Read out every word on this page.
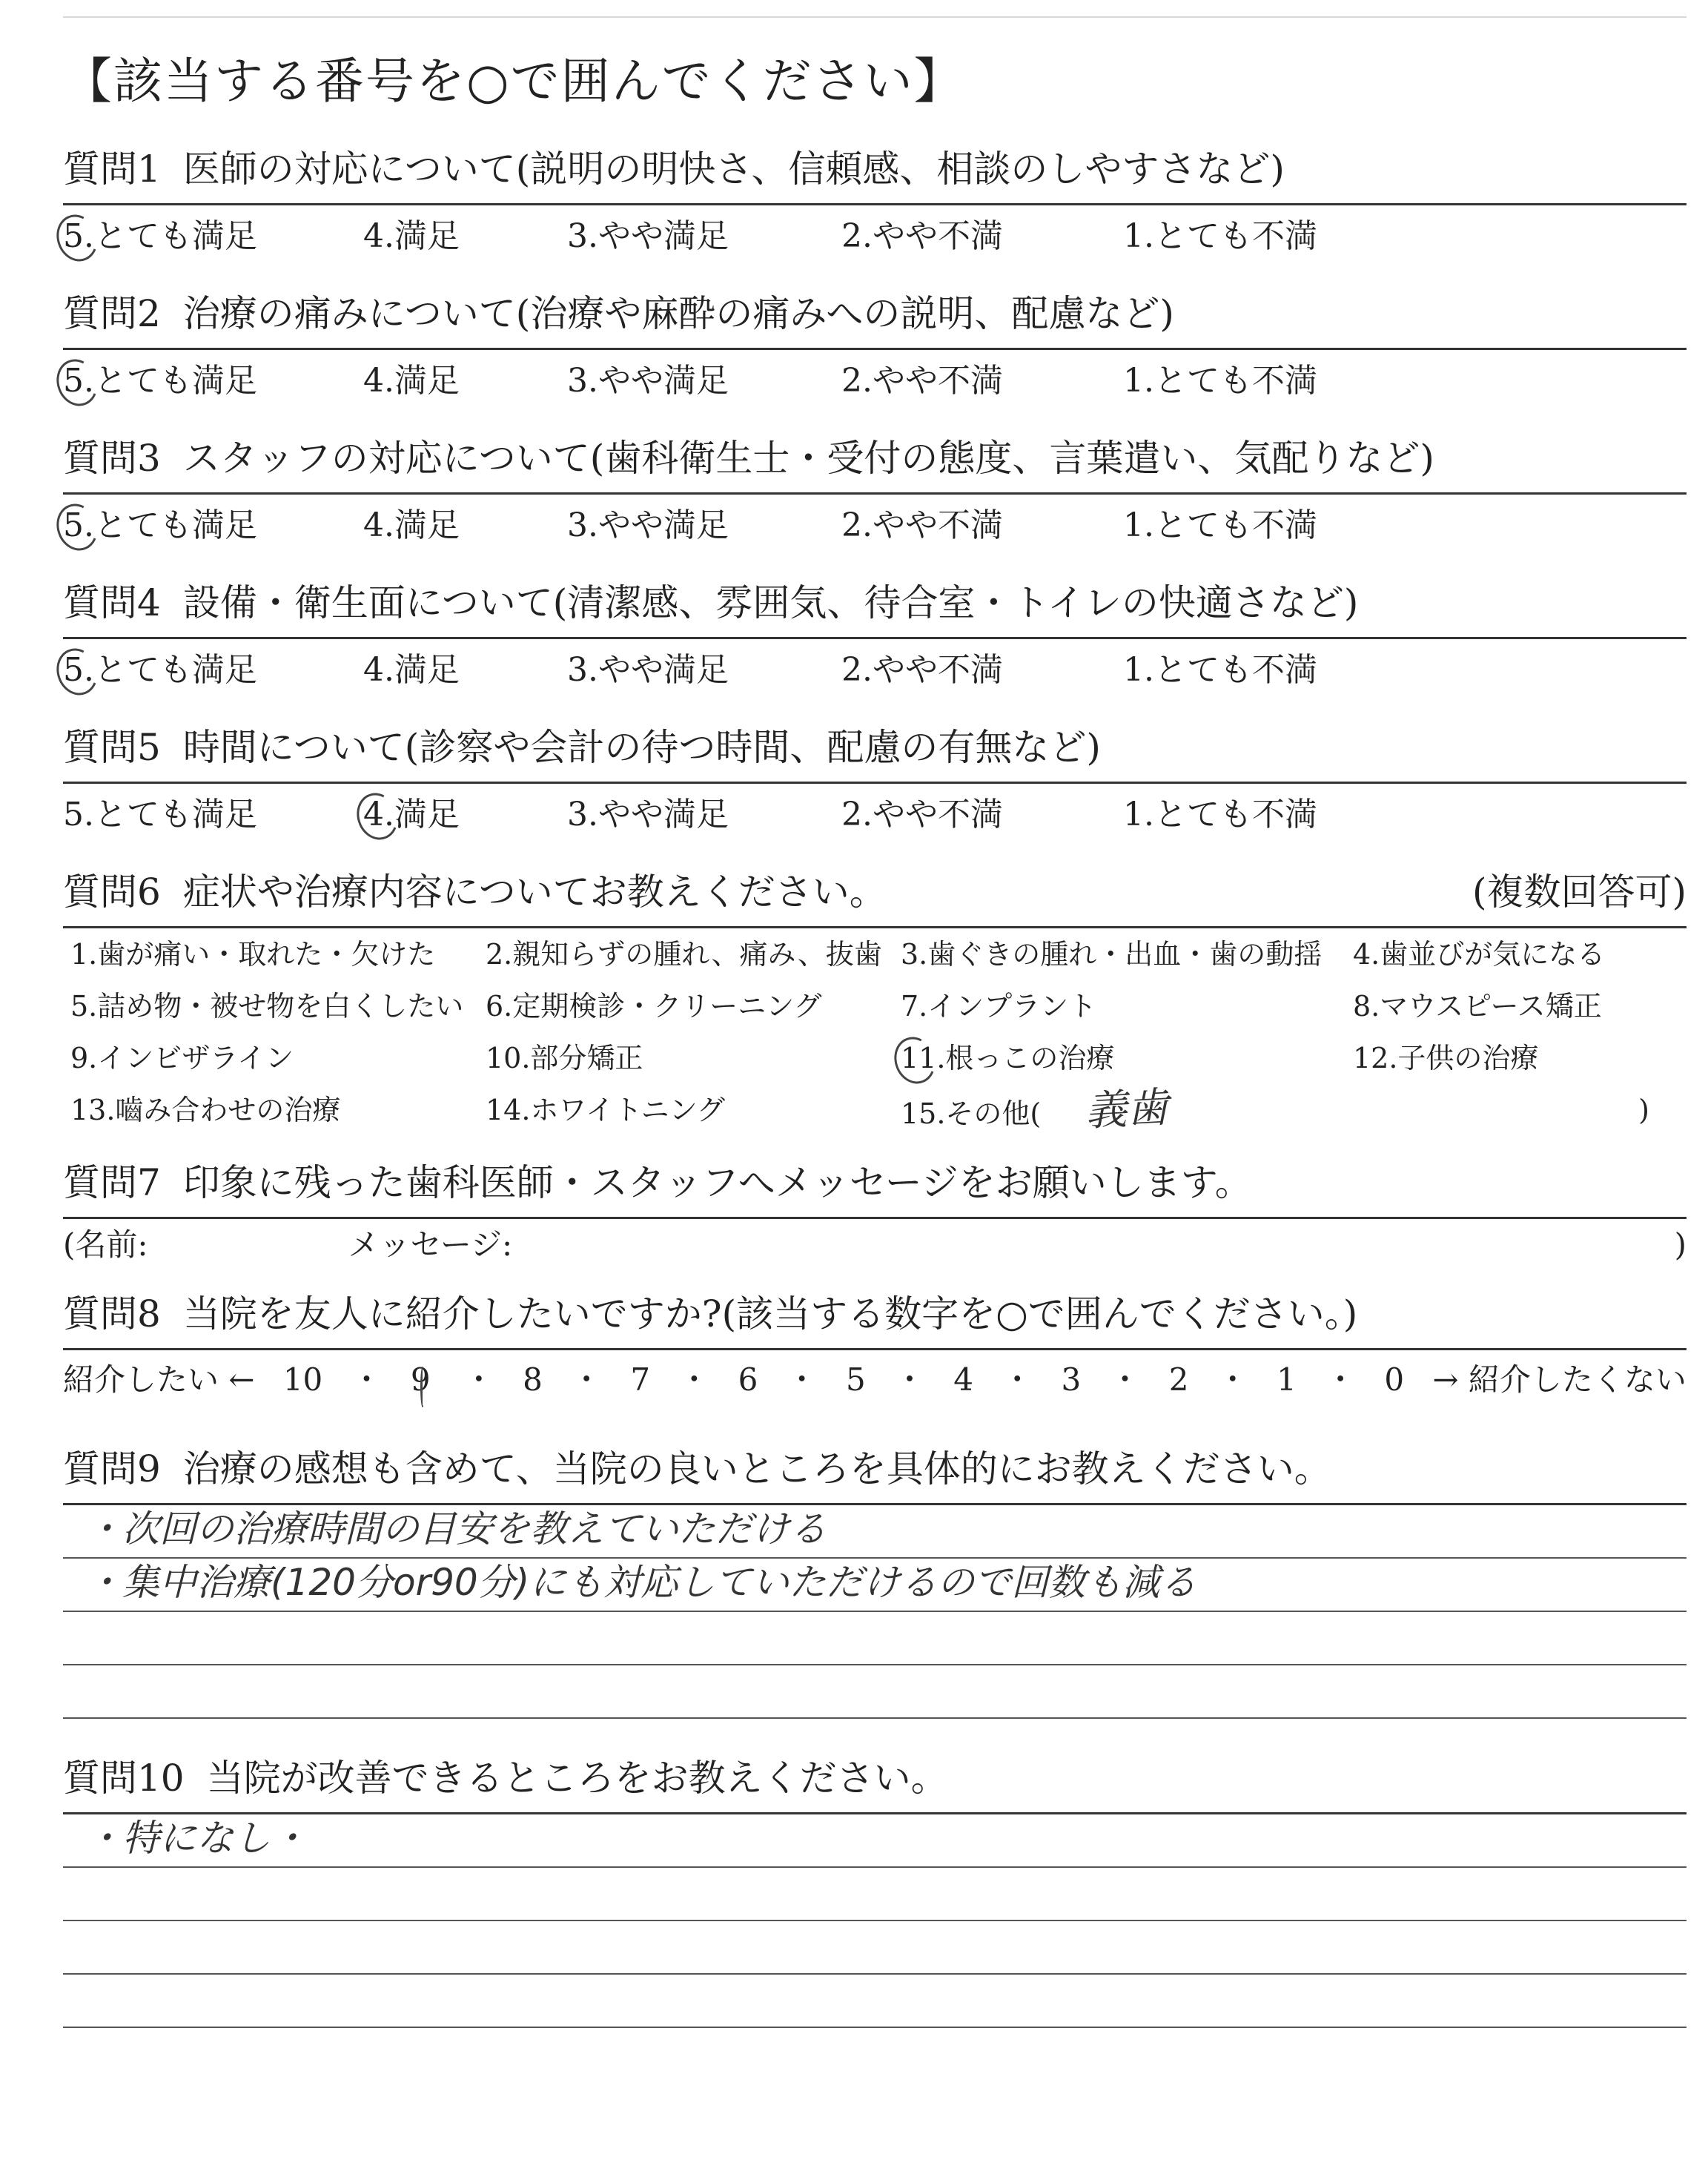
【該当する番号を○で囲んでください】
質問1 医師の対応について(説明の明快さ、信頼感、相談のしやすさなど)
5.とても満足	4.満足	3.やや満足	2.やや不満	1.とても不満
質問2 治療の痛みについて(治療や麻酔の痛みへの説明、配慮など)
5.とても満足	4.満足	3.やや満足	2.やや不満	1.とても不満
質問3 スタッフの対応について(歯科衛生士・受付の態度、言葉遣い、気配りなど)
5.とても満足	4.満足	3.やや満足	2.やや不満	1.とても不満
質問4 設備・衛生面について(清潔感、雰囲気、待合室・トイレの快適さなど)
5.とても満足	4.満足	3.やや満足	2.やや不満	1.とても不満
質問5 時間について(診察や会計の待つ時間、配慮の有無など)
5.とても満足	4.満足	3.やや満足	2.やや不満	1.とても不満
質問6 症状や治療内容についてお教えください。	(複数回答可)
1.歯が痛い・取れた・欠けた	2.親知らずの腫れ、痛み、抜歯 3.歯ぐきの腫れ・出血・歯の動揺	4.歯並びが気になる
5.詰め物・被せ物を白くしたい 6.定期検診・クリーニング	7.インプラント	8.マウスピース矯正
9.インビザライン	10.部分矯正	11.根っこの治療	12.子供の治療
13.嚙み合わせの治療	14.ホワイトニング	15.その他( 義歯	)
質問7 印象に残った歯科医師・スタッフへメッセージをお願いします。
(名前:	メッセージ:	)
質問8 当院を友人に紹介したいですか?(該当する数字を○で囲んでください。)
紹介したい ← 10 ・ 9 ・ 8 ・ 7 ・ 6 ・ 5 ・ 4 ・ 3 ・ 2 ・ 1 ・ 0 → 紹介したくない
質問9 治療の感想も含めて、当院の良いところを具体的にお教えください。
・次回の治療時間の目安を教えていただける
・集中治療(120分or90分)にも対応していただけるので回数も減る
質問10 当院が改善できるところをお教えください。
・特になし・
